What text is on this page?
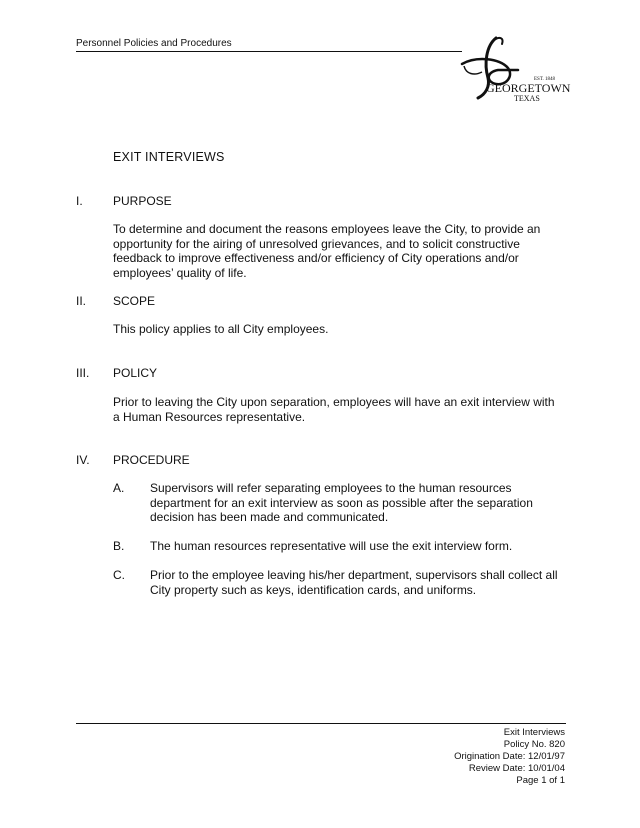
Personnel Policies and Procedures
EST. 1848
GEORGETOWN
TEXAS
EXIT INTERVIEWS
I.	PURPOSE
To determine and document the reasons employees leave the City, to provide an opportunity for the airing of unresolved grievances, and to solicit constructive feedback to improve effectiveness and/or efficiency of City operations and/or employees’ quality of life.
II. SCOPE
This policy applies to all City employees.
III. POLICY
Prior to leaving the City upon separation, employees will have an exit interview with a Human Resources representative.
IV. PROCEDURE
A. Supervisors will refer separating employees to the human resources department for an exit interview as soon as possible after the separation decision has been made and communicated.
B. The human resources representative will use the exit interview form.
C. Prior to the employee leaving his/her department, supervisors shall collect all City property such as keys, identification cards, and uniforms.
Exit Interviews
Policy No. 820
Origination Date: 12/01/97
Review Date: 10/01/04
Page 1 of 1
